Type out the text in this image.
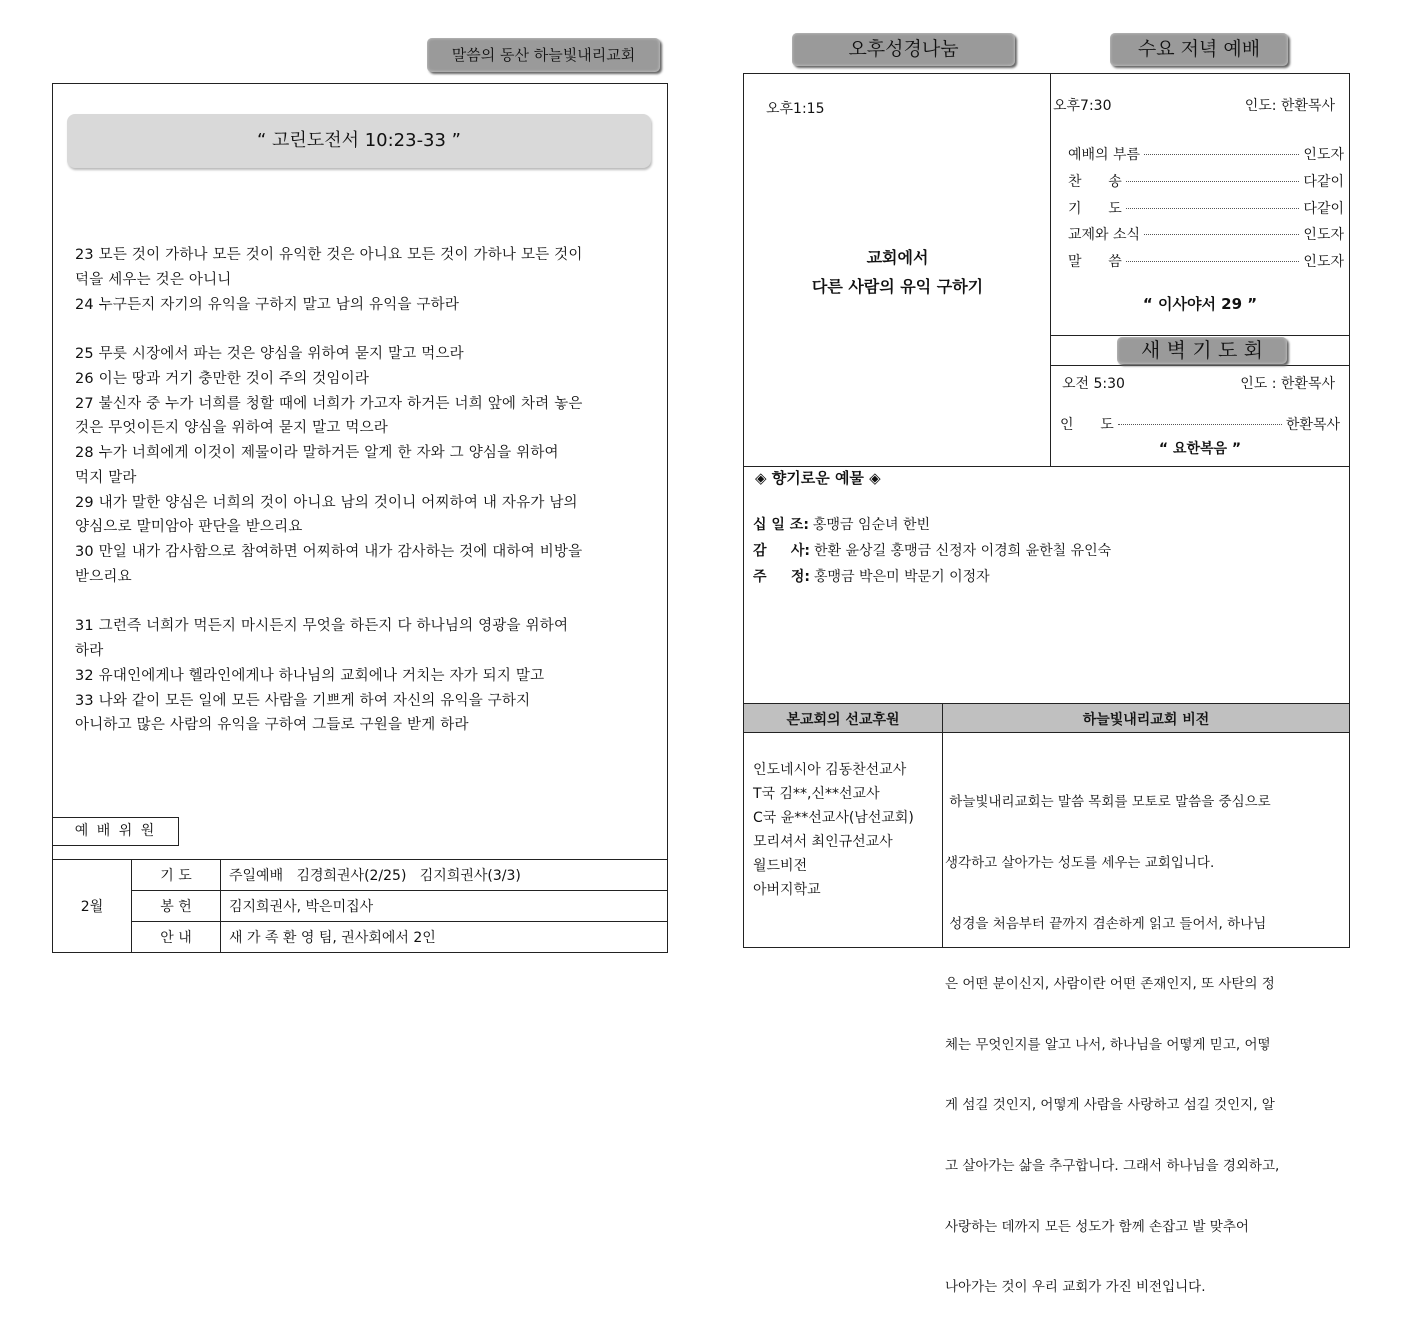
말씀의 동산 하늘빛내리교회
“ 고린도전서 10:23-33 ”
23 모든 것이 가하나 모든 것이 유익한 것은 아니요 모든 것이 가하나 모든 것이
덕을 세우는 것은 아니니
24 누구든지 자기의 유익을 구하지 말고 남의 유익을 구하라
25 무릇 시장에서 파는 것은 양심을 위하여 묻지 말고 먹으라
26 이는 땅과 거기 충만한 것이 주의 것임이라
27 불신자 중 누가 너희를 청할 때에 너희가 가고자 하거든 너희 앞에 차려 놓은
것은 무엇이든지 양심을 위하여 묻지 말고 먹으라
28 누가 너희에게 이것이 제물이라 말하거든 알게 한 자와 그 양심을 위하여
먹지 말라
29 내가 말한 양심은 너희의 것이 아니요 남의 것이니 어찌하여 내 자유가 남의
양심으로 말미암아 판단을 받으리요
30 만일 내가 감사함으로 참여하면 어찌하여 내가 감사하는 것에 대하여 비방을
받으리요
31 그런즉 너희가 먹든지 마시든지 무엇을 하든지 다 하나님의 영광을 위하여
하라
32 유대인에게나 헬라인에게나 하나님의 교회에나 거치는 자가 되지 말고
33 나와 같이 모든 일에 모든 사람을 기쁘게 하여 자신의 유익을 구하지
아니하고 많은 사람의 유익을 구하여 그들로 구원을 받게 하라
예 배 위 원
2월	기 도	주일예배   김경희권사(2/25)   김지희권사(3/3)
	봉 헌	김지희권사, 박은미집사
	안 내	새 가 족 환 영 팀, 권사회에서 2인
오후성경나눔	수요 저녁 예배
오후1:15
교회에서
다른 사람의 유익 구하기
오후7:30	인도: 한환목사
예배의 부름	인도자
찬      송	다같이
기      도	다같이
교제와 소식	인도자
말      씀	인도자
“ 이사야서 29 ”
새 벽 기 도 회
오전 5:30	인도 : 한환목사
인      도	한환목사
“ 요한복음 ”
◈ 향기로운 예물 ◈
십 일 조: 홍맹금 임순녀 한빈
감     사: 한환 윤상길 홍맹금 신정자 이경희 윤한칠 유인숙
주     정: 홍맹금 박은미 박문기 이정자
본교회의 선교후원	하늘빛내리교회 비전
인도네시아 김동찬선교사
T국 김**,신**선교사
C국 윤**선교사(남선교회)
모리셔서 최인규선교사
월드비전
아버지학교

하늘빛내리교회는 말씀 목회를 모토로 말씀을 중심으로

생각하고 살아가는 성도를 세우는 교회입니다.

성경을 처음부터 끝까지 겸손하게 읽고 들어서, 하나님

은 어떤 분이신지, 사람이란 어떤 존재인지, 또 사탄의 정

체는 무엇인지를 알고 나서, 하나님을 어떻게 믿고, 어떻

게 섬길 것인지, 어떻게 사람을 사랑하고 섬길 것인지, 알

고 살아가는 삶을 추구합니다. 그래서 하나님을 경외하고,

사랑하는 데까지 모든 성도가 함께 손잡고 발 맞추어

나아가는 것이 우리 교회가 가진 비전입니다.
